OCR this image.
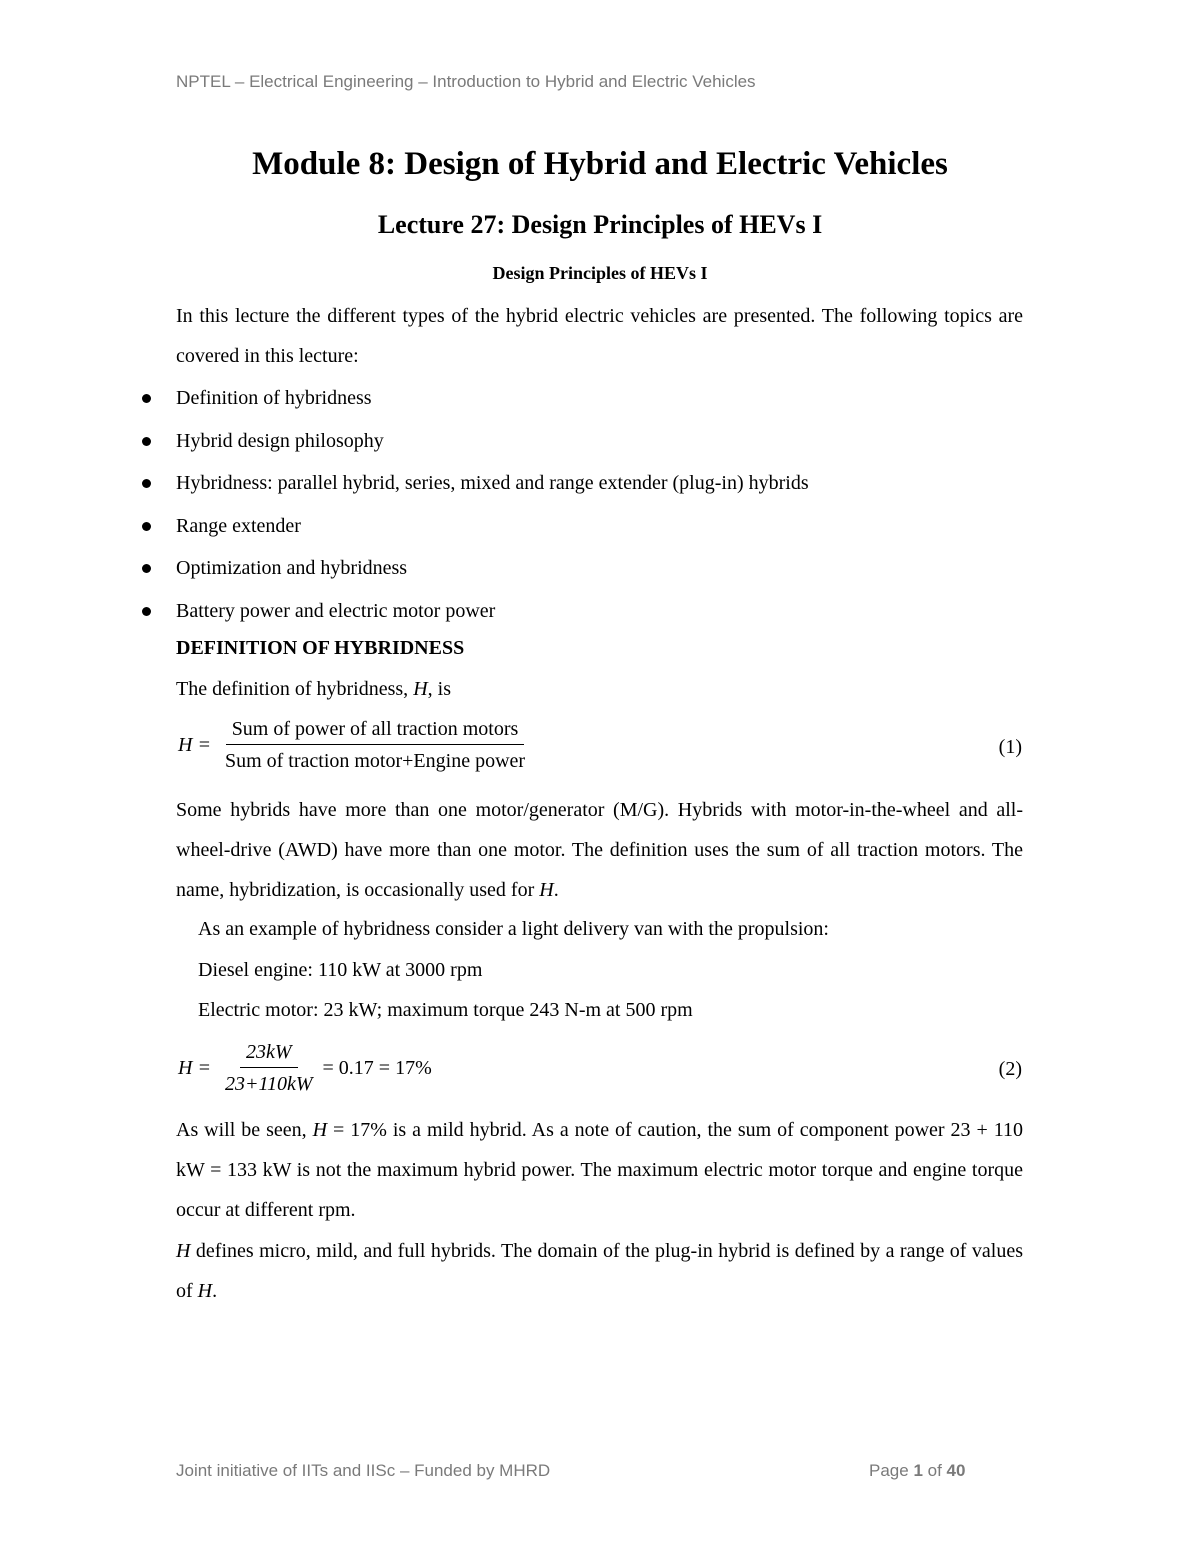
NPTEL – Electrical Engineering – Introduction to Hybrid and Electric Vehicles
Module 8: Design of Hybrid and Electric Vehicles
Lecture 27: Design Principles of HEVs I
Design Principles of HEVs I
In this lecture the different types of the hybrid electric vehicles are presented. The following topics are covered in this lecture:
Definition of hybridness
Hybrid design philosophy
Hybridness: parallel hybrid, series, mixed and range extender (plug-in) hybrids
Range extender
Optimization and hybridness
Battery power and electric motor power
DEFINITION OF HYBRIDNESS
The definition of hybridness, H, is
$H = \frac{\text{Sum of power of all traction motors}}{\text{Sum of traction motor+Engine power}}$	(1)
Some hybrids have more than one motor/generator (M/G). Hybrids with motor-in-the-wheel and all-wheel-drive (AWD) have more than one motor. The definition uses the sum of all traction motors. The name, hybridization, is occasionally used for H.
As an example of hybridness consider a light delivery van with the propulsion:
Diesel engine: 110 kW at 3000 rpm
Electric motor: 23 kW; maximum torque 243 N-m at 500 rpm
$H = \frac{23kW}{23+110kW} = 0.17 = 17\%$	(2)
As will be seen, H = 17% is a mild hybrid. As a note of caution, the sum of component power 23 + 110 kW = 133 kW is not the maximum hybrid power. The maximum electric motor torque and engine torque occur at different rpm.
H defines micro, mild, and full hybrids. The domain of the plug-in hybrid is defined by a range of values of H.
Joint initiative of IITs and IISc – Funded by MHRD	Page 1 of 40
